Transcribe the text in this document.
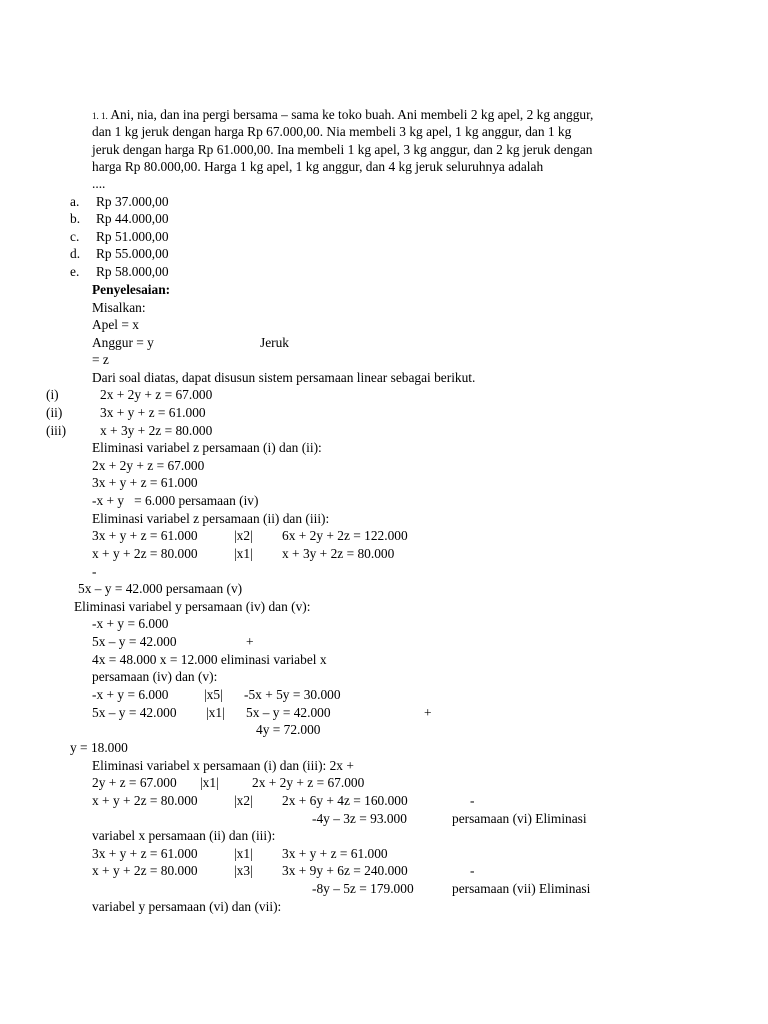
1. 1. Ani, nia, dan ina pergi bersama – sama ke toko buah. Ani membeli 2 kg apel, 2 kg anggur,
dan 1 kg jeruk dengan harga Rp 67.000,00. Nia membeli 3 kg apel, 1 kg anggur, dan 1 kg
jeruk dengan harga Rp 61.000,00. Ina membeli 1 kg apel, 3 kg anggur, dan 2 kg jeruk dengan
harga Rp 80.000,00. Harga 1 kg apel, 1 kg anggur, dan 4 kg jeruk seluruhnya adalah
....
a. Rp 37.000,00
b. Rp 44.000,00
c. Rp 51.000,00
d. Rp 55.000,00
e. Rp 58.000,00
Penyelesaian:
Misalkan:
Apel = x
Anggur = y	Jeruk
= z
Dari soal diatas, dapat disusun sistem persamaan linear sebagai berikut.
(i)	2x + 2y + z = 67.000
(ii)	3x + y + z = 61.000
(iii)	x + 3y + 2z = 80.000
Eliminasi variabel z persamaan (i) dan (ii):
2x + 2y + z = 67.000
3x + y + z = 61.000
-x + y   = 6.000 persamaan (iv)
Eliminasi variabel z persamaan (ii) dan (iii):
3x + y + z = 61.000	|x2| 6x + 2y + 2z = 122.000
x + y + 2z = 80.000	|x1| x + 3y + 2z = 80.000
-
5x – y = 42.000 persamaan (v)
Eliminasi variabel y persamaan (iv) dan (v):
-x + y = 6.000
5x – y = 42.000	+
4x = 48.000 x = 12.000 eliminasi variabel x
persamaan (iv) dan (v):
-x + y = 6.000	|x5| -5x + 5y = 30.000
5x – y = 42.000 |x1| 5x – y = 42.000	+
4y = 72.000
y = 18.000
Eliminasi variabel x persamaan (i) dan (iii): 2x +
2y + z = 67.000 |x1| 2x + 2y + z = 67.000
x + y + 2z = 80.000	|x2| 2x + 6y + 4z = 160.000	-
-4y – 3z = 93.000	persamaan (vi) Eliminasi
variabel x persamaan (ii) dan (iii):
3x + y + z = 61.000	|x1| 3x + y + z = 61.000
x + y + 2z = 80.000	|x3| 3x + 9y + 6z = 240.000	-
-8y – 5z = 179.000	persamaan (vii) Eliminasi
variabel y persamaan (vi) dan (vii):
